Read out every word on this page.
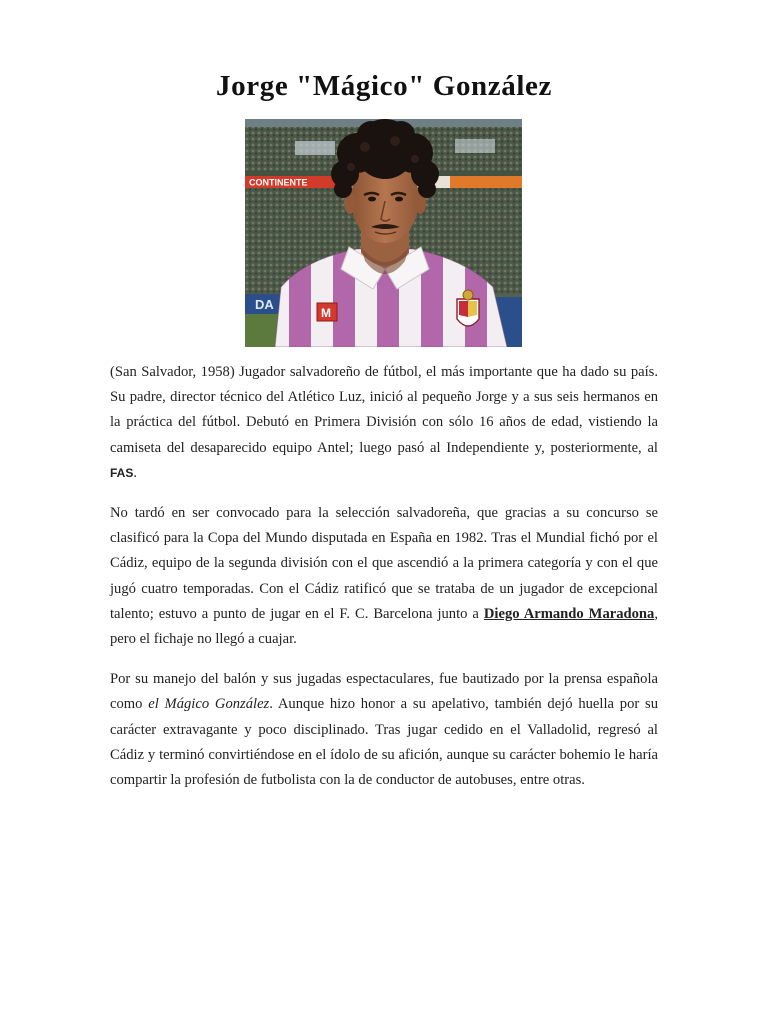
Jorge "Mágico" González
CONTINENTE
DA
M

(San Salvador, 1958) Jugador salvadoreño de fútbol, el más importante que ha dado su país. Su padre, director técnico del Atlético Luz, inició al pequeño Jorge y a sus seis hermanos en la práctica del fútbol. Debutó en Primera División con sólo 16 años de edad, vistiendo la camiseta del desaparecido equipo Antel; luego pasó al Independiente y, posteriormente, al FAS.

No tardó en ser convocado para la selección salvadoreña, que gracias a su concurso se clasificó para la Copa del Mundo disputada en España en 1982. Tras el Mundial fichó por el Cádiz, equipo de la segunda división con el que ascendió a la primera categoría y con el que jugó cuatro temporadas. Con el Cádiz ratificó que se trataba de un jugador de excepcional talento; estuvo a punto de jugar en el F. C. Barcelona junto a Diego Armando Maradona, pero el fichaje no llegó a cuajar.

Por su manejo del balón y sus jugadas espectaculares, fue bautizado por la prensa española como el Mágico González. Aunque hizo honor a su apelativo, también dejó huella por su carácter extravagante y poco disciplinado. Tras jugar cedido en el Valladolid, regresó al Cádiz y terminó convirtiéndose en el ídolo de su afición, aunque su carácter bohemio le haría compartir la profesión de futbolista con la de conductor de autobuses, entre otras.
